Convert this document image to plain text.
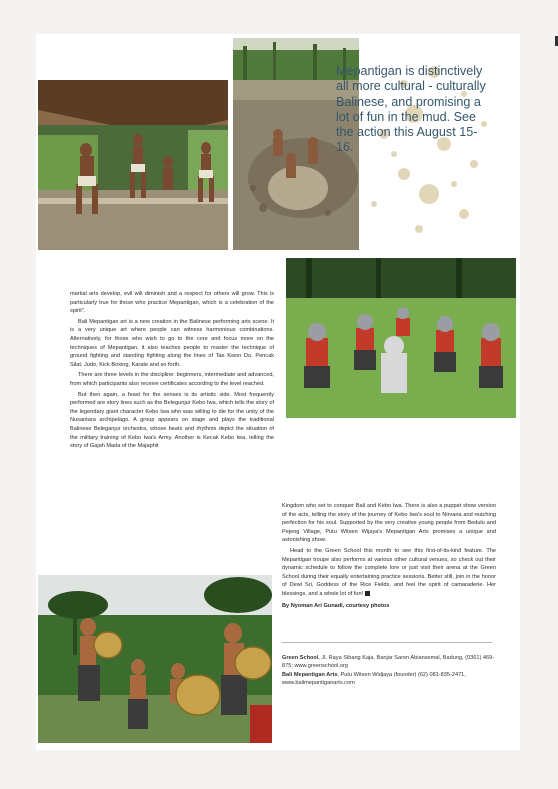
Mepantigan is distinctively all more cultural - culturally Balinese, and promising a lot of fun in the mud. See the action this August 15-16.

martial arts develop, evil will diminish and a respect for others will grow. This is particularly true for those who practice Mepantigan, which is a celebration of the spirit".

Bali Mepantigan art is a new creation in the Balinese performing arts scene. It is a very unique art where people can witness harmonious combinations. Alternatively, for those who wish to go to the core and focus more on the techniques of Mepantigan, it also teaches people to master the technique of ground fighting and standing fighting along the lines of Tae Kwon Do, Pencak Silat, Judo, Kick Boxing, Karate and so forth.

There are three levels in the discipline: beginners, intermediate and advanced, from which participants also receive certificates according to the level reached.

But then again, a feast for the senses is its artistic side. Most frequently performed are story lines such as the Belegunjur Kebo Iwa, which tells the story of the legendary giant character Kebo Iwa who was willing to die for the unity of the Nusantara archipelago. A group appears on stage and plays the traditional Balinese Beleganjur orchestra, whose beats and rhythms depict the situation of the military training of Kebo Iwa's Army. Another is Kecak Kebo Iwa, telling the story of Gajah Mada of the Majaphit

Kingdom who set to conquer Bali and Kebo Iwa. There is also a puppet show version of the acts, telling the story of the journey of Kebo Iwa's soul to Nirvana and reaching perfection for his soul. Supported by the very creative young people from Bedulu and Pejeng Village, Putu Witsen Wijaya's Mepantigan Arts promises a unique and astonishing show.

Head to the Green School this month to see this first-of-its-kind feature. The Mepantigan troupe also performs at various other cultural venues, so check out their dynamic schedule to follow the complete lore or just visit their arena at the Green School during their equally entertaining practice sessions. Better still, join in the honor of Dewi Sri, Goddess of the Rice Fields, and feel the spirit of camaraderie. Her blessings, and a whole lot of fun!

By Nyoman Ari Gunadi, courtesy photos

Green School, Jl. Raya Sibang Kaja, Banjar Saren Abiansemal, Badung, (0361) 469-875; www.greenschool.org
Bali Mepantigan Arts, Putu Witsen Widjaya (founder) (62) 081-835-2471, www.balimepantiganarts.com
